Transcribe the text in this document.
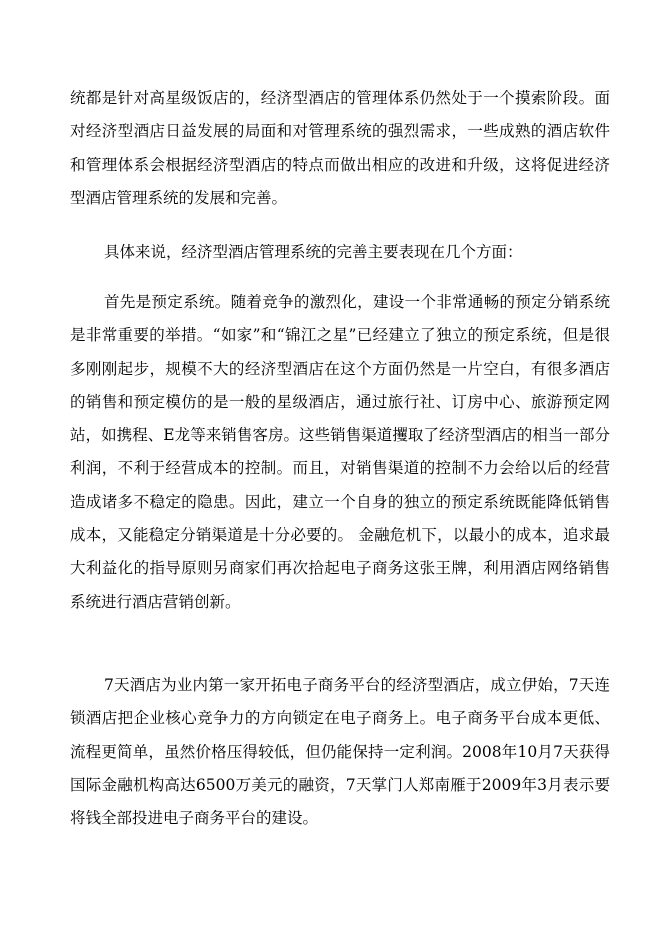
统都是针对高星级饭店的，经济型酒店的管理体系仍然处于一个摸索阶段。面对经济型酒店日益发展的局面和对管理系统的强烈需求，一些成熟的酒店软件和管理体系会根据经济型酒店的特点而做出相应的改进和升级，这将促进经济型酒店管理系统的发展和完善。

具体来说，经济型酒店管理系统的完善主要表现在几个方面：

首先是预定系统。随着竞争的激烈化，建设一个非常通畅的预定分销系统是非常重要的举措。“如家”和“锦江之星”已经建立了独立的预定系统，但是很多刚刚起步，规模不大的经济型酒店在这个方面仍然是一片空白，有很多酒店的销售和预定模仿的是一般的星级酒店，通过旅行社、订房中心、旅游预定网站，如携程、E龙等来销售客房。这些销售渠道攫取了经济型酒店的相当一部分利润，不利于经营成本的控制。而且，对销售渠道的控制不力会给以后的经营造成诸多不稳定的隐患。因此，建立一个自身的独立的预定系统既能降低销售成本，又能稳定分销渠道是十分必要的。 金融危机下，以最小的成本，追求最大利益化的指导原则另商家们再次拾起电子商务这张王牌，利用酒店网络销售系统进行酒店营销创新。

7天酒店为业内第一家开拓电子商务平台的经济型酒店，成立伊始，7天连锁酒店把企业核心竞争力的方向锁定在电子商务上。电子商务平台成本更低、流程更简单，虽然价格压得较低，但仍能保持一定利润。2008年10月7天获得国际金融机构高达6500万美元的融资，7天掌门人郑南雁于2009年3月表示要将钱全部投进电子商务平台的建设。
